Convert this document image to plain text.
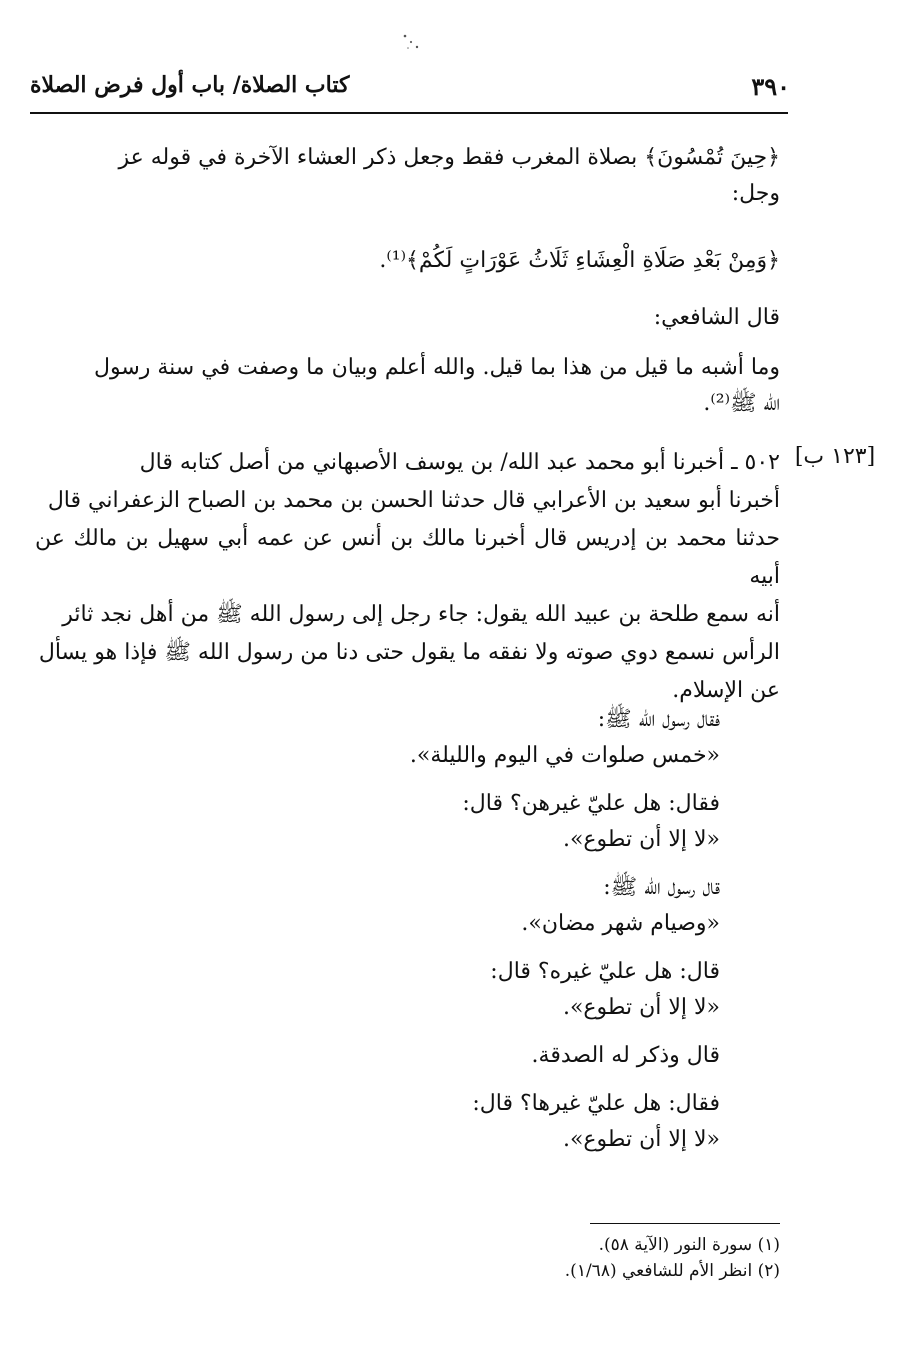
٣٩٠
كتاب الصلاة/ باب أول فرض الصلاة
﴿حِينَ تُمْسُونَ﴾ بصلاة المغرب فقط وجعل ذكر العشاء الآخرة في قوله عز
وجل:
﴿وَمِنْ بَعْدِ صَلَاةِ الْعِشَاءِ ثَلَاثُ عَوْرَاتٍ لَكُمْ﴾⁽¹⁾.
قال الشافعي:
وما أشبه ما قيل من هذا بما قيل. والله أعلم وبيان ما وصفت في سنة رسول
الله ﷺ⁽²⁾.
[١٢٣ ب]
٥٠٢ ـ أخبرنا أبو محمد عبد الله/ بن يوسف الأصبهاني من أصل كتابه قال
أخبرنا أبو سعيد بن الأعرابي قال حدثنا الحسن بن محمد بن الصباح الزعفراني قال
حدثنا محمد بن إدريس قال أخبرنا مالك بن أنس عن عمه أبي سهيل بن مالك عن أبيه
أنه سمع طلحة بن عبيد الله يقول: جاء رجل إلى رسول الله ﷺ من أهل نجد ثائر
الرأس نسمع دوي صوته ولا نفقه ما يقول حتى دنا من رسول الله ﷺ فإذا هو يسأل
عن الإسلام.
فقال رسول الله ﷺ:
«خمس صلوات في اليوم والليلة».
فقال: هل عليّ غيرهن؟ قال:
«لا إلا أن تطوع».
قال رسول الله ﷺ:
«وصيام شهر مضان».
قال: هل عليّ غيره؟ قال:
«لا إلا أن تطوع».
قال وذكر له الصدقة.
فقال: هل عليّ غيرها؟ قال:
«لا إلا أن تطوع».
(١) سورة النور (الآية ٥٨).
(٢) انظر الأم للشافعي (١/٦٨).
